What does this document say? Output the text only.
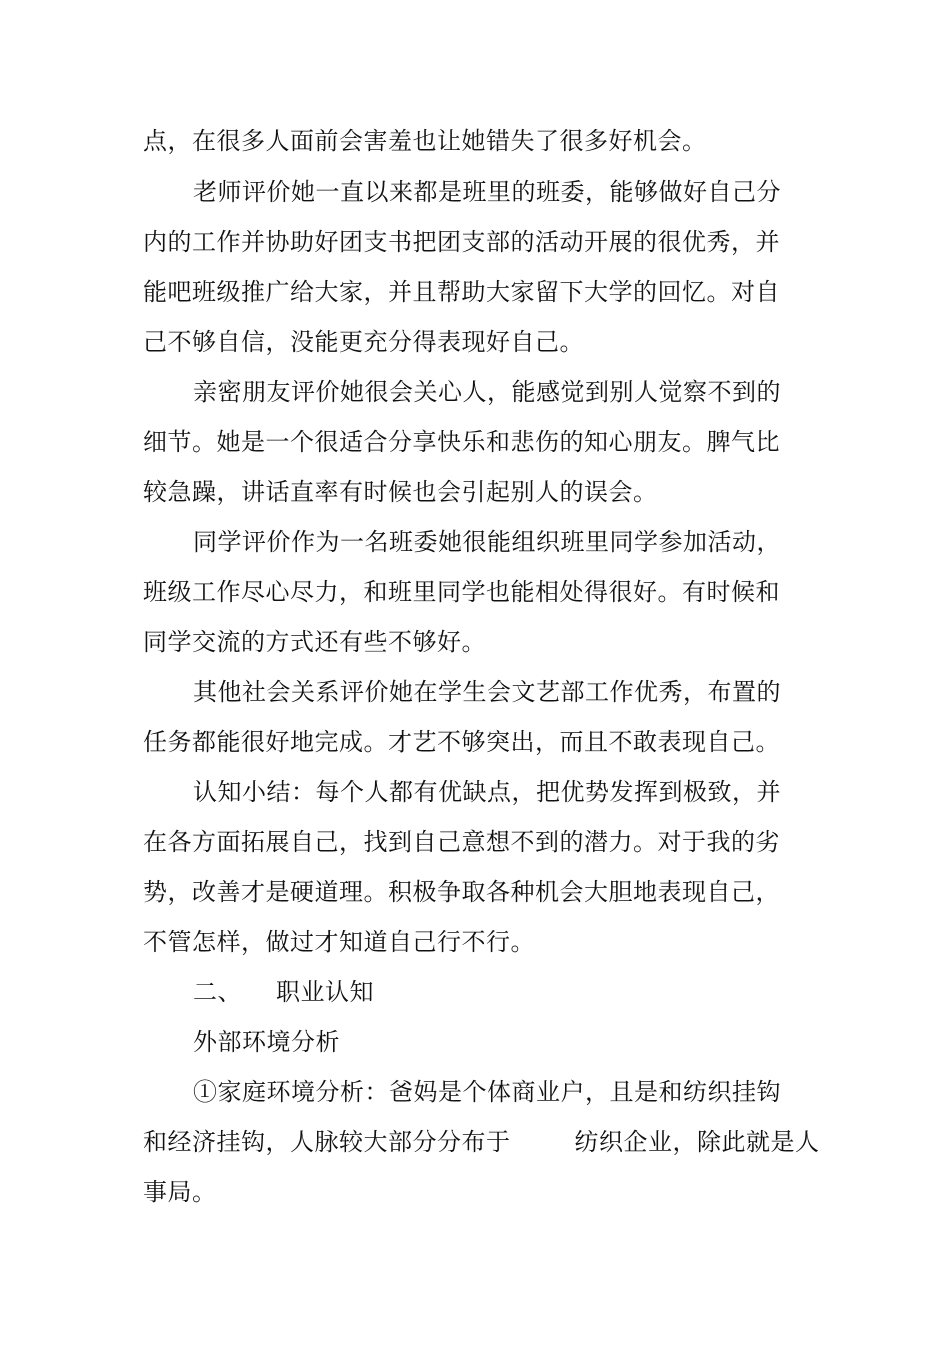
点，在很多人面前会害羞也让她错失了很多好机会。
老师评价她一直以来都是班里的班委，能够做好自己分
内的工作并协助好团支书把团支部的活动开展的很优秀，并
能吧班级推广给大家，并且帮助大家留下大学的回忆。对自
己不够自信，没能更充分得表现好自己。
亲密朋友评价她很会关心人，能感觉到别人觉察不到的
细节。她是一个很适合分享快乐和悲伤的知心朋友。脾气比
较急躁，讲话直率有时候也会引起别人的误会。
同学评价作为一名班委她很能组织班里同学参加活动，
班级工作尽心尽力，和班里同学也能相处得很好。有时候和
同学交流的方式还有些不够好。
其他社会关系评价她在学生会文艺部工作优秀，布置的
任务都能很好地完成。才艺不够突出，而且不敢表现自己。
认知小结：每个人都有优缺点，把优势发挥到极致，并
在各方面拓展自己，找到自己意想不到的潜力。对于我的劣
势，改善才是硬道理。积极争取各种机会大胆地表现自己，
不管怎样，做过才知道自己行不行。
二、 职业认知
外部环境分析
①家庭环境分析：爸妈是个体商业户，且是和纺织挂钩
和经济挂钩，人脉较大部分分布于	纺织企业，除此就是人
事局。
